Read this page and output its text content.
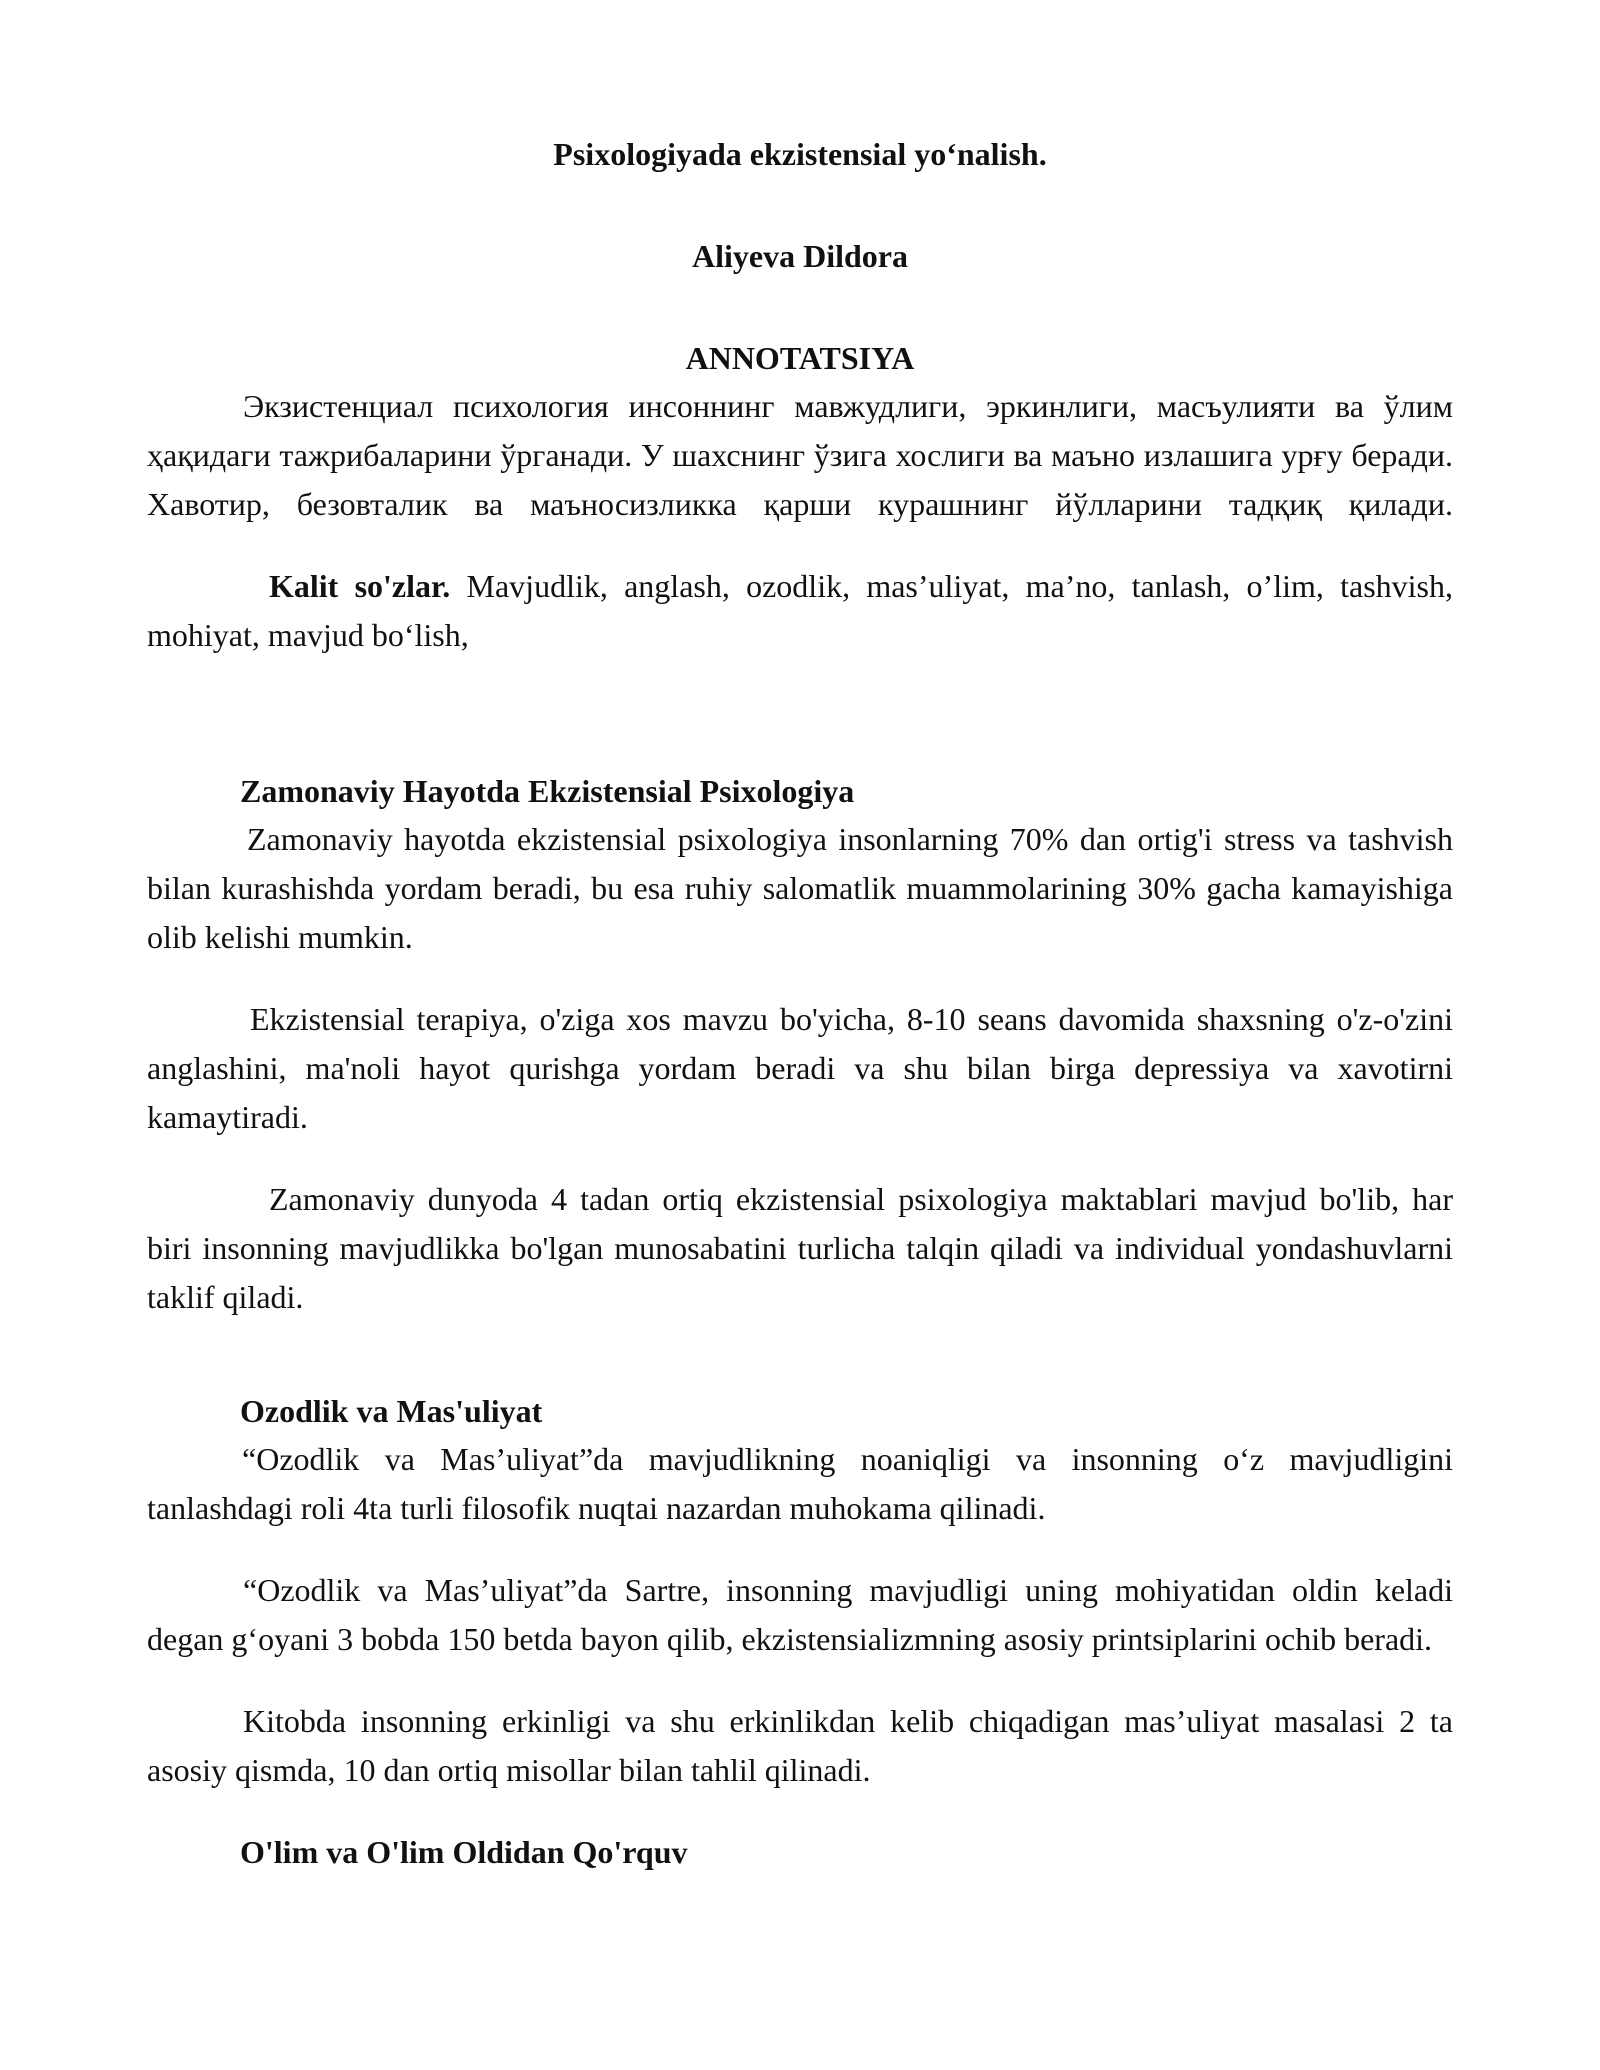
Psixologiyada ekzistensial yo‘nalish.
Aliyeva Dildora
ANNOTATSIYA

Экзистенциал психология инсоннинг мавжудлиги, эркинлиги, масъулияти ва ўлим ҳақидаги тажрибаларини ўрганади. У шахснинг ўзига хослиги ва маъно излашига урғу беради. Хавотир, безовталик ва маъносизликка қарши курашнинг йўлларини тадқиқ қилади.

Kalit so'zlar. Mavjudlik, anglash, ozodlik, mas’uliyat, ma’no, tanlash, o’lim, tashvish, mohiyat, mavjud bo‘lish,

Zamonaviy Hayotda Ekzistensial Psixologiya

Zamonaviy hayotda ekzistensial psixologiya insonlarning 70% dan ortig'i stress va tashvish bilan kurashishda yordam beradi, bu esa ruhiy salomatlik muammolarining 30% gacha kamayishiga olib kelishi mumkin.

Ekzistensial terapiya, o'ziga xos mavzu bo'yicha, 8-10 seans davomida shaxsning o'z-o'zini anglashini, ma'noli hayot qurishga yordam beradi va shu bilan birga depressiya va xavotirni kamaytiradi.

Zamonaviy dunyoda 4 tadan ortiq ekzistensial psixologiya maktablari mavjud bo'lib, har biri insonning mavjudlikka bo'lgan munosabatini turlicha talqin qiladi va individual yondashuvlarni taklif qiladi.

Ozodlik va Mas'uliyat

“Ozodlik va Mas’uliyat”da mavjudlikning noaniqligi va insonning o‘z mavjudligini tanlashdagi roli 4ta turli filosofik nuqtai nazardan muhokama qilinadi.

“Ozodlik va Mas’uliyat”da Sartre, insonning mavjudligi uning mohiyatidan oldin keladi degan g‘oyani 3 bobda 150 betda bayon qilib, ekzistensializmning asosiy printsiplarini ochib beradi.

Kitobda insonning erkinligi va shu erkinlikdan kelib chiqadigan mas’uliyat masalasi 2 ta asosiy qismda, 10 dan ortiq misollar bilan tahlil qilinadi.

O'lim va O'lim Oldidan Qo'rquv
